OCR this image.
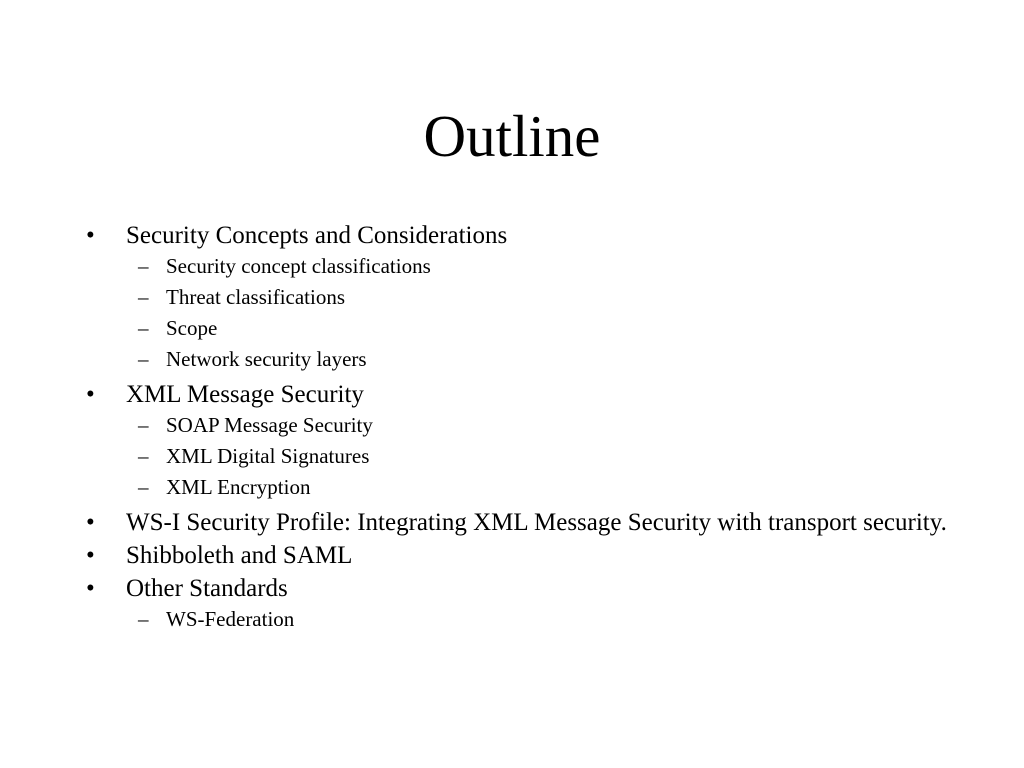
Outline
•	Security Concepts and Considerations
– Security concept classifications
– Threat classifications
– Scope
– Network security layers
•	XML Message Security
– SOAP Message Security
– XML Digital Signatures
– XML Encryption
•	WS-I Security Profile: Integrating XML Message Security with transport security.
•	Shibboleth and SAML
•	Other Standards
– WS-Federation
